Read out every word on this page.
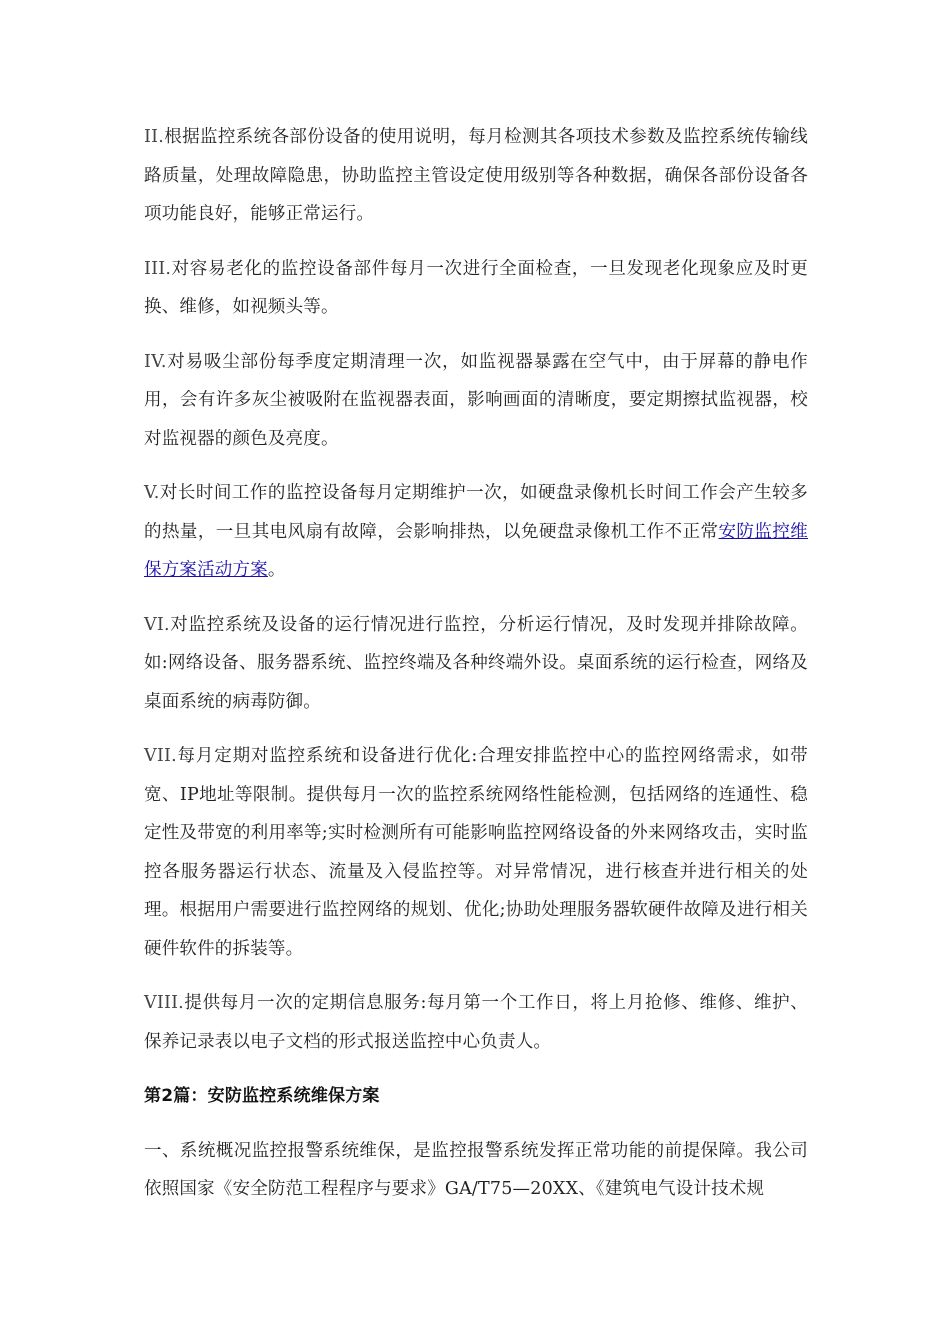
II.根据监控系统各部份设备的使用说明，每月检测其各项技术参数及监控系统传输线路质量，处理故障隐患，协助监控主管设定使用级别等各种数据，确保各部份设备各项功能良好，能够正常运行。

III.对容易老化的监控设备部件每月一次进行全面检查，一旦发现老化现象应及时更换、维修，如视频头等。

IV.对易吸尘部份每季度定期清理一次，如监视器暴露在空气中，由于屏幕的静电作用，会有许多灰尘被吸附在监视器表面，影响画面的清晰度，要定期擦拭监视器，校对监视器的颜色及亮度。

V.对长时间工作的监控设备每月定期维护一次，如硬盘录像机长时间工作会产生较多的热量，一旦其电风扇有故障，会影响排热，以免硬盘录像机工作不正常安防监控维保方案活动方案。

VI.对监控系统及设备的运行情况进行监控，分析运行情况，及时发现并排除故障。如:网络设备、服务器系统、监控终端及各种终端外设。桌面系统的运行检查，网络及桌面系统的病毒防御。

VII.每月定期对监控系统和设备进行优化:合理安排监控中心的监控网络需求，如带宽、IP地址等限制。提供每月一次的监控系统网络性能检测，包括网络的连通性、稳定性及带宽的利用率等;实时检测所有可能影响监控网络设备的外来网络攻击，实时监控各服务器运行状态、流量及入侵监控等。对异常情况，进行核查并进行相关的处理。根据用户需要进行监控网络的规划、优化;协助处理服务器软硬件故障及进行相关硬件软件的拆装等。

VIII.提供每月一次的定期信息服务:每月第一个工作日，将上月抢修、维修、维护、保养记录表以电子文档的形式报送监控中心负责人。

第2篇：安防监控系统维保方案

一、系统概况监控报警系统维保，是监控报警系统发挥正常功能的前提保障。我公司依照国家《安全防范工程程序与要求》GA/T75—20XX、《建筑电气设计技术规
